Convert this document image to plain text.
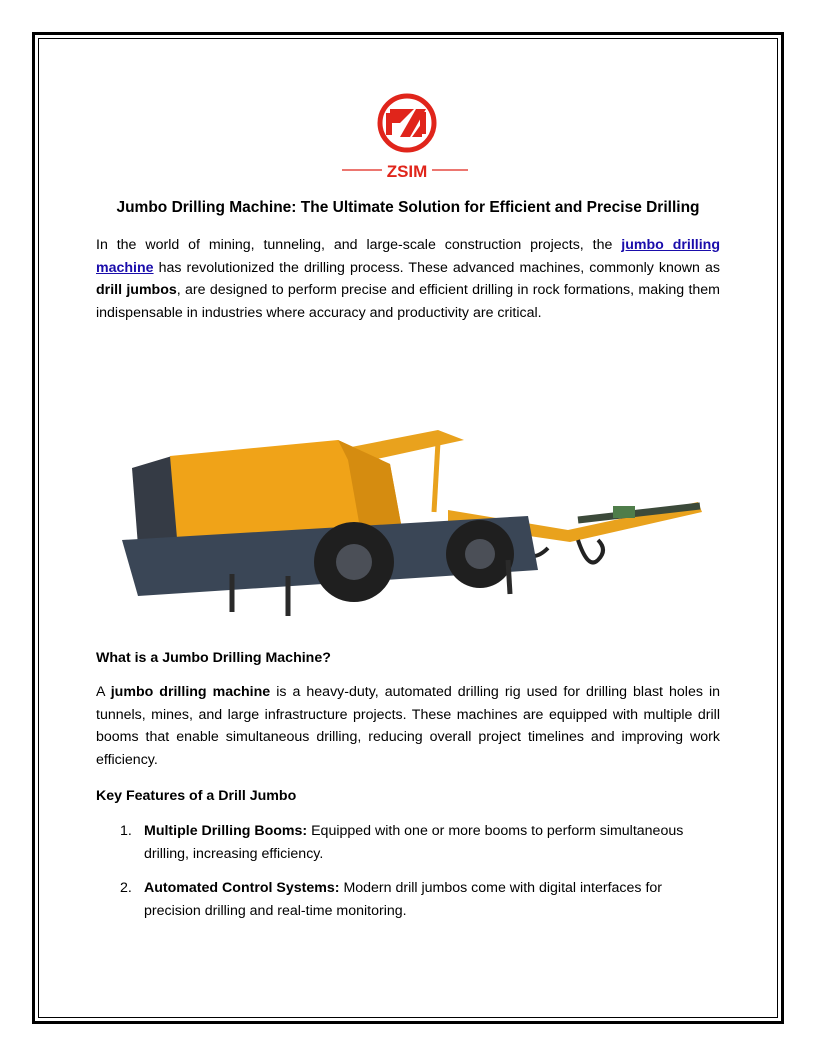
ZSIM
Jumbo Drilling Machine: The Ultimate Solution for Efficient and Precise Drilling

In the world of mining, tunneling, and large-scale construction projects, the jumbo drilling machine has revolutionized the drilling process. These advanced machines, commonly known as drill jumbos, are designed to perform precise and efficient drilling in rock formations, making them indispensable in industries where accuracy and productivity are critical.

What is a Jumbo Drilling Machine?

A jumbo drilling machine is a heavy-duty, automated drilling rig used for drilling blast holes in tunnels, mines, and large infrastructure projects. These machines are equipped with multiple drill booms that enable simultaneous drilling, reducing overall project timelines and improving work efficiency.

Key Features of a Drill Jumbo
1. Multiple Drilling Booms: Equipped with one or more booms to perform simultaneous drilling, increasing efficiency.
2. Automated Control Systems: Modern drill jumbos come with digital interfaces for precision drilling and real-time monitoring.
